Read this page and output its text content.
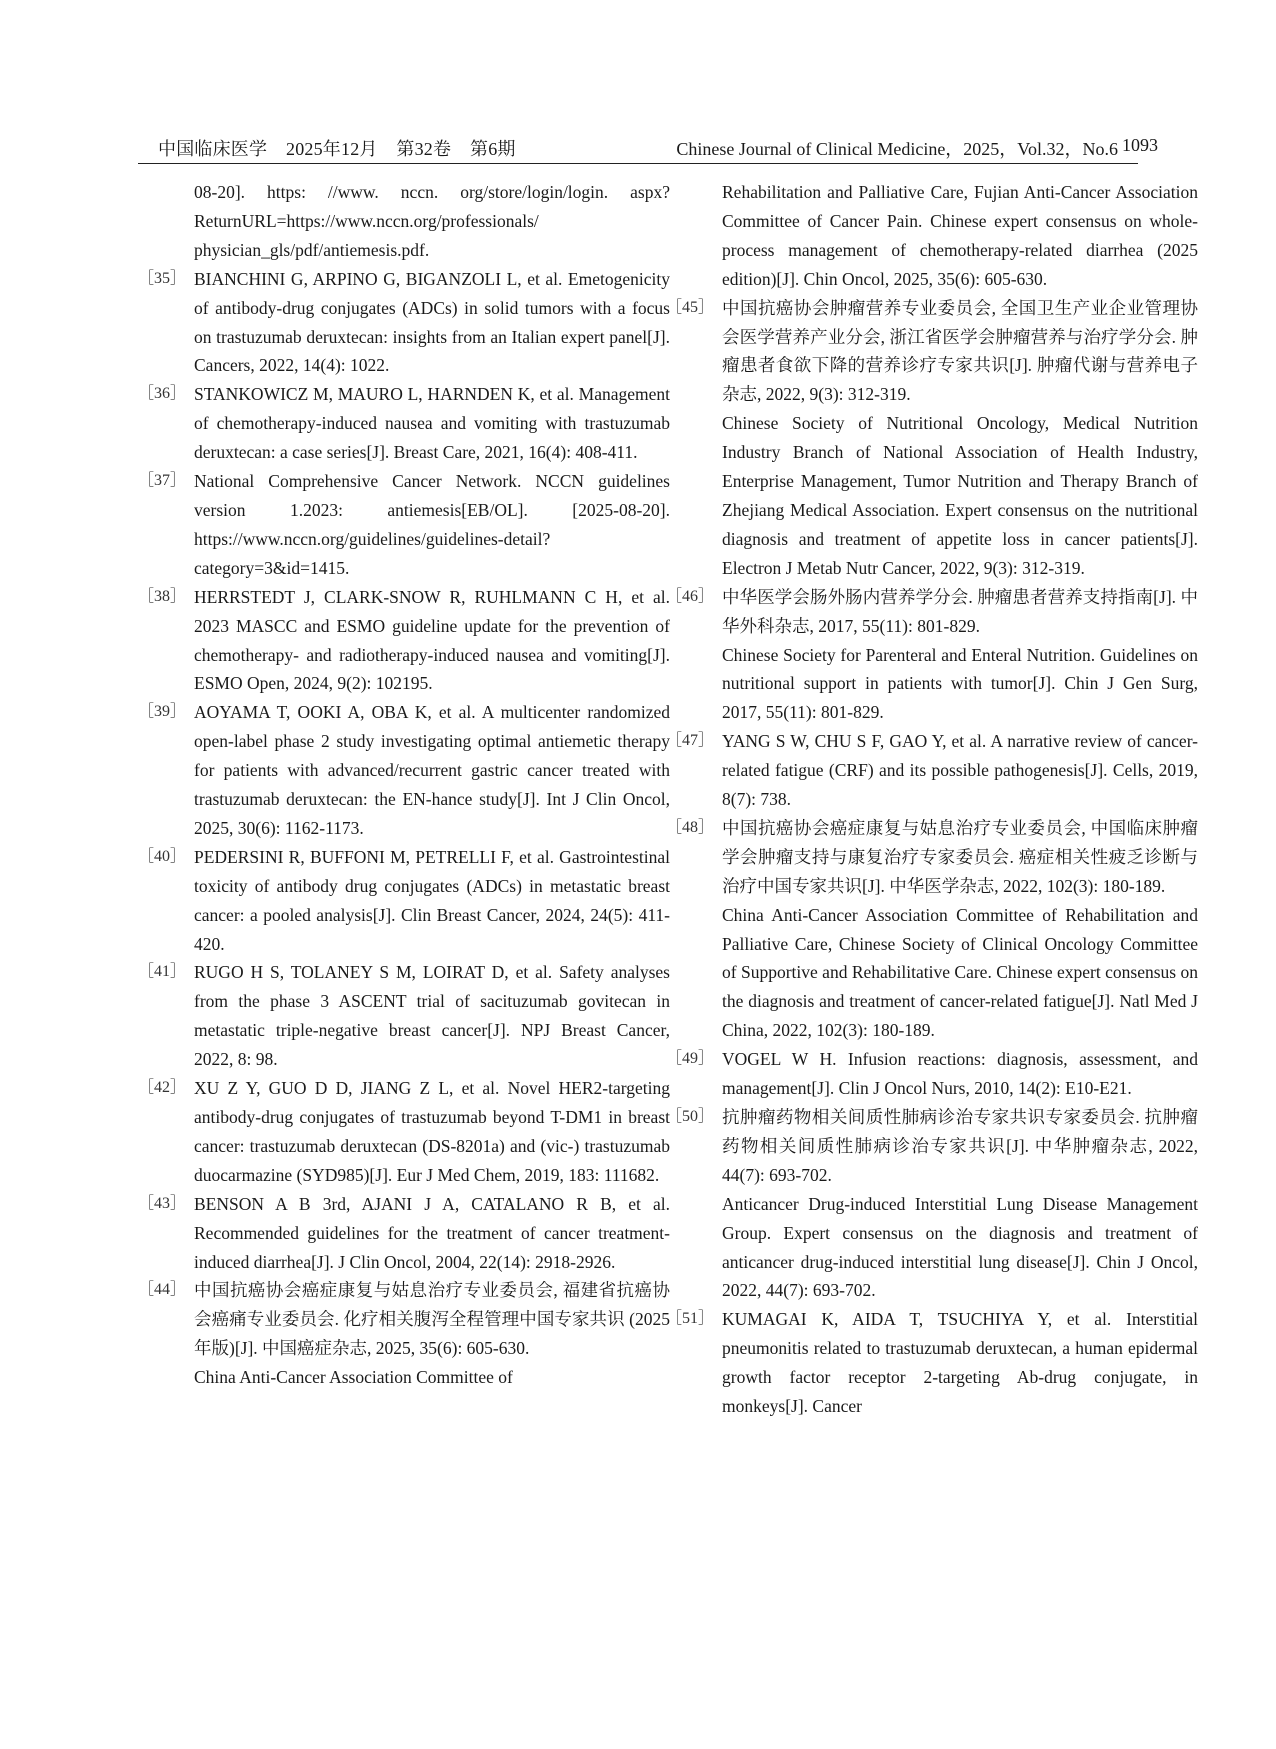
中国临床医学    2025年12月    第32卷    第6期	Chinese Journal of Clinical Medicine，2025，Vol.32，No.6 1093
08-20]. https: //www. nccn. org/store/login/login. aspx?ReturnURL=https://www.nccn.org/professionals/ physician_gls/pdf/antiemesis.pdf.
［35］ BIANCHINI G, ARPINO G, BIGANZOLI L, et al. Emetogenicity of antibody-drug conjugates (ADCs) in solid tumors with a focus on trastuzumab deruxtecan: insights from an Italian expert panel[J]. Cancers, 2022, 14(4): 1022.
［36］ STANKOWICZ M, MAURO L, HARNDEN K, et al. Management of chemotherapy-induced nausea and vomiting with trastuzumab deruxtecan: a case series[J]. Breast Care, 2021, 16(4): 408-411.
［37］ National Comprehensive Cancer Network. NCCN guidelines version 1.2023: antiemesis[EB/OL]. [2025-08-20]. https://www.nccn.org/guidelines/guidelines-detail?category=3&id=1415.
［38］ HERRSTEDT J, CLARK-SNOW R, RUHLMANN C H, et al. 2023 MASCC and ESMO guideline update for the prevention of chemotherapy- and radiotherapy-induced nausea and vomiting[J]. ESMO Open, 2024, 9(2): 102195.
［39］ AOYAMA T, OOKI A, OBA K, et al. A multicenter randomized open-label phase 2 study investigating optimal antiemetic therapy for patients with advanced/recurrent gastric cancer treated with trastuzumab deruxtecan: the EN-hance study[J]. Int J Clin Oncol, 2025, 30(6): 1162-1173.
［40］ PEDERSINI R, BUFFONI M, PETRELLI F, et al. Gastrointestinal toxicity of antibody drug conjugates (ADCs) in metastatic breast cancer: a pooled analysis[J]. Clin Breast Cancer, 2024, 24(5): 411-420.
［41］ RUGO H S, TOLANEY S M, LOIRAT D, et al. Safety analyses from the phase 3 ASCENT trial of sacituzumab govitecan in metastatic triple-negative breast cancer[J]. NPJ Breast Cancer, 2022, 8: 98.
［42］ XU Z Y, GUO D D, JIANG Z L, et al. Novel HER2-targeting antibody-drug conjugates of trastuzumab beyond T-DM1 in breast cancer: trastuzumab deruxtecan (DS-8201a) and (vic-) trastuzumab duocarmazine (SYD985)[J]. Eur J Med Chem, 2019, 183: 111682.
［43］ BENSON A B 3rd, AJANI J A, CATALANO R B, et al. Recommended guidelines for the treatment of cancer treatment-induced diarrhea[J]. J Clin Oncol, 2004, 22(14): 2918-2926.
［44］ 中国抗癌协会癌症康复与姑息治疗专业委员会, 福建省抗癌协会癌痛专业委员会. 化疗相关腹泻全程管理中国专家共识 (2025 年版)[J]. 中国癌症杂志, 2025, 35(6): 605-630.
China Anti-Cancer Association Committee of
Rehabilitation and Palliative Care, Fujian Anti-Cancer Association Committee of Cancer Pain. Chinese expert consensus on whole-process management of chemotherapy-related diarrhea (2025 edition)[J]. Chin Oncol, 2025, 35(6): 605-630.
［45］ 中国抗癌协会肿瘤营养专业委员会, 全国卫生产业企业管理协会医学营养产业分会, 浙江省医学会肿瘤营养与治疗学分会. 肿瘤患者食欲下降的营养诊疗专家共识[J]. 肿瘤代谢与营养电子杂志, 2022, 9(3): 312-319.
Chinese Society of Nutritional Oncology, Medical Nutrition Industry Branch of National Association of Health Industry, Enterprise Management, Tumor Nutrition and Therapy Branch of Zhejiang Medical Association. Expert consensus on the nutritional diagnosis and treatment of appetite loss in cancer patients[J]. Electron J Metab Nutr Cancer, 2022, 9(3): 312-319.
［46］ 中华医学会肠外肠内营养学分会. 肿瘤患者营养支持指南[J]. 中华外科杂志, 2017, 55(11): 801-829.
Chinese Society for Parenteral and Enteral Nutrition. Guidelines on nutritional support in patients with tumor[J]. Chin J Gen Surg, 2017, 55(11): 801-829.
［47］ YANG S W, CHU S F, GAO Y, et al. A narrative review of cancer-related fatigue (CRF) and its possible pathogenesis[J]. Cells, 2019, 8(7): 738.
［48］ 中国抗癌协会癌症康复与姑息治疗专业委员会, 中国临床肿瘤学会肿瘤支持与康复治疗专家委员会. 癌症相关性疲乏诊断与治疗中国专家共识[J]. 中华医学杂志, 2022, 102(3): 180-189.
China Anti-Cancer Association Committee of Rehabilitation and Palliative Care, Chinese Society of Clinical Oncology Committee of Supportive and Rehabilitative Care. Chinese expert consensus on the diagnosis and treatment of cancer-related fatigue[J]. Natl Med J China, 2022, 102(3): 180-189.
［49］ VOGEL W H. Infusion reactions: diagnosis, assessment, and management[J]. Clin J Oncol Nurs, 2010, 14(2): E10-E21.
［50］ 抗肿瘤药物相关间质性肺病诊治专家共识专家委员会. 抗肿瘤药物相关间质性肺病诊治专家共识[J]. 中华肿瘤杂志, 2022, 44(7): 693-702.
Anticancer Drug-induced Interstitial Lung Disease Management Group. Expert consensus on the diagnosis and treatment of anticancer drug-induced interstitial lung disease[J]. Chin J Oncol, 2022, 44(7): 693-702.
［51］ KUMAGAI K, AIDA T, TSUCHIYA Y, et al. Interstitial pneumonitis related to trastuzumab deruxtecan, a human epidermal growth factor receptor 2-targeting Ab-drug conjugate, in monkeys[J]. Cancer
